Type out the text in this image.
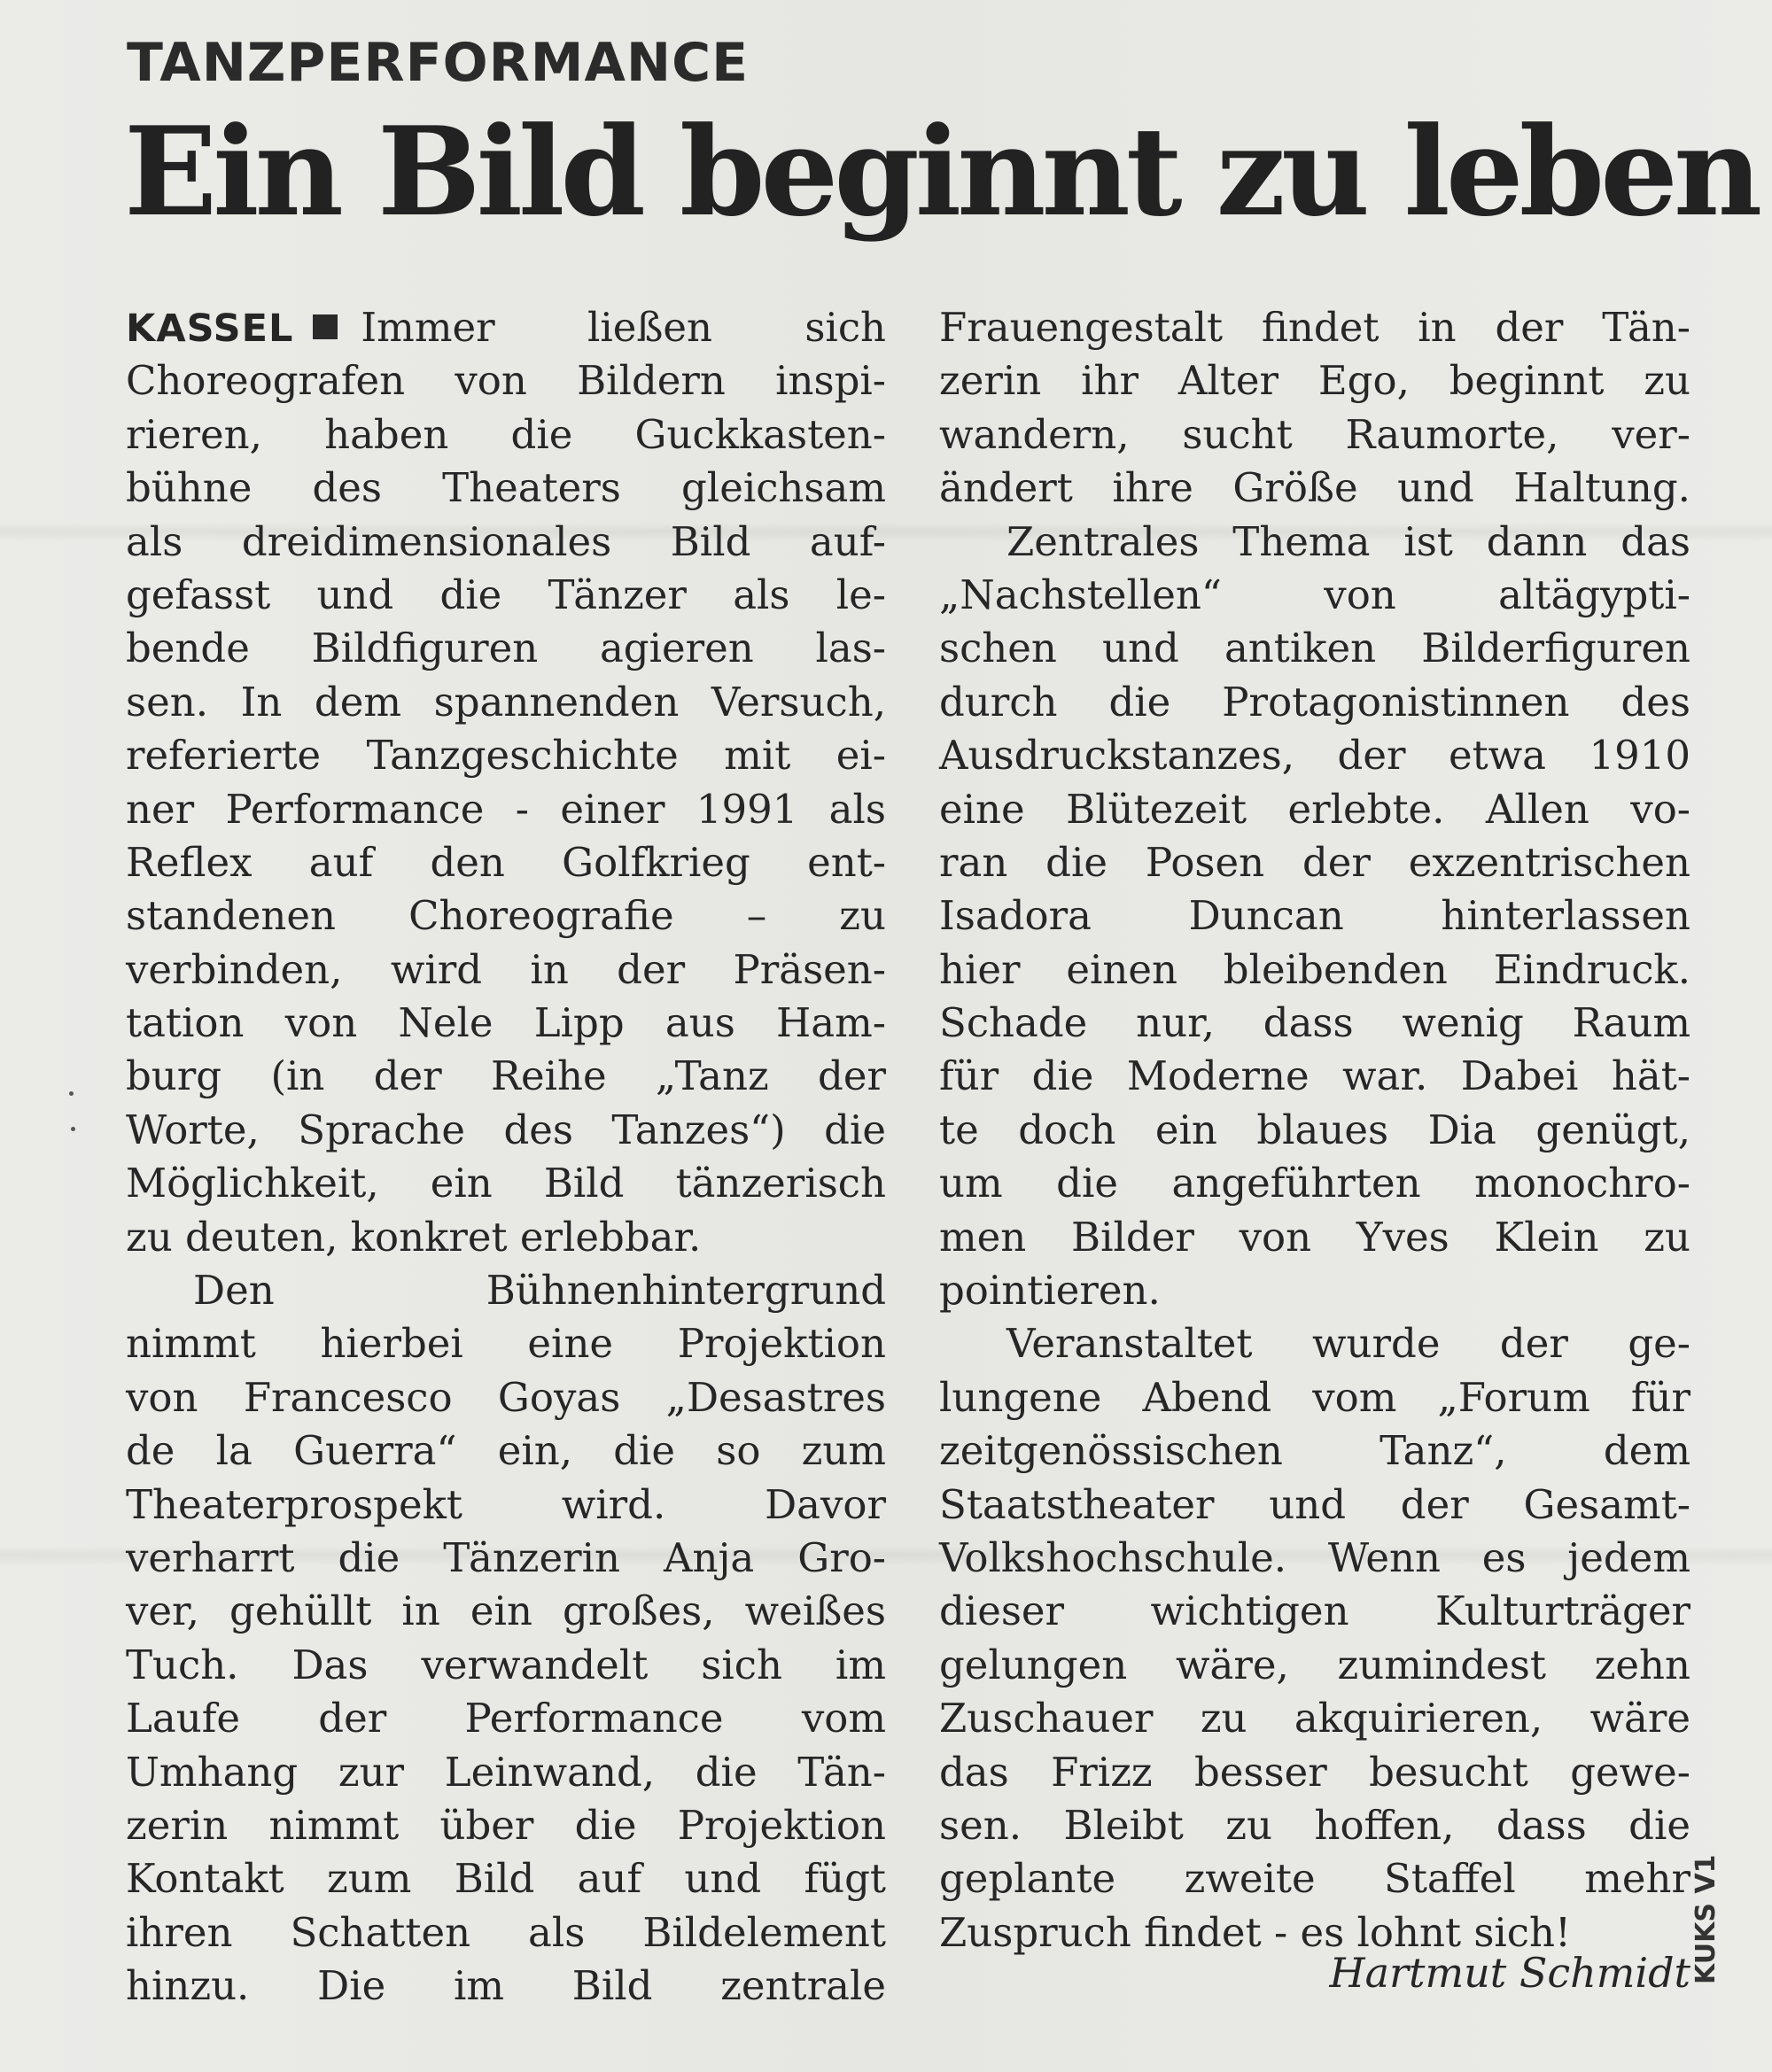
TANZPERFORMANCE
Ein Bild beginnt zu leben
KASSEL Immer ließen sich
Choreografen von Bildern inspi-
rieren, haben die Guckkasten-
bühne des Theaters gleichsam
als dreidimensionales Bild auf-
gefasst und die Tänzer als le-
bende Bildfiguren agieren las-
sen. In dem spannenden Versuch,
referierte Tanzgeschichte mit ei-
ner Performance - einer 1991 als
Reflex auf den Golfkrieg ent-
standenen Choreografie – zu
verbinden, wird in der Präsen-
tation von Nele Lipp aus Ham-
burg (in der Reihe „Tanz der
Worte, Sprache des Tanzes“) die
Möglichkeit, ein Bild tänzerisch
zu deuten, konkret erlebbar.
Den Bühnenhintergrund
nimmt hierbei eine Projektion
von Francesco Goyas „Desastres
de la Guerra“ ein, die so zum
Theaterprospekt wird. Davor
verharrt die Tänzerin Anja Gro-
ver, gehüllt in ein großes, weißes
Tuch. Das verwandelt sich im
Laufe der Performance vom
Umhang zur Leinwand, die Tän-
zerin nimmt über die Projektion
Kontakt zum Bild auf und fügt
ihren Schatten als Bildelement
hinzu. Die im Bild zentrale
Frauengestalt findet in der Tän-
zerin ihr Alter Ego, beginnt zu
wandern, sucht Raumorte, ver-
ändert ihre Größe und Haltung.
Zentrales Thema ist dann das
„Nachstellen“ von altägypti-
schen und antiken Bilderfiguren
durch die Protagonistinnen des
Ausdruckstanzes, der etwa 1910
eine Blütezeit erlebte. Allen vo-
ran die Posen der exzentrischen
Isadora Duncan hinterlassen
hier einen bleibenden Eindruck.
Schade nur, dass wenig Raum
für die Moderne war. Dabei hät-
te doch ein blaues Dia genügt,
um die angeführten monochro-
men Bilder von Yves Klein zu
pointieren.
Veranstaltet wurde der ge-
lungene Abend vom „Forum für
zeitgenössischen Tanz“, dem
Staatstheater und der Gesamt-
Volkshochschule. Wenn es jedem
dieser wichtigen Kulturträger
gelungen wäre, zumindest zehn
Zuschauer zu akquirieren, wäre
das Frizz besser besucht gewe-
sen. Bleibt zu hoffen, dass die
geplante zweite Staffel mehr
Zuspruch findet - es lohnt sich!
Hartmut Schmidt KUKS V1
